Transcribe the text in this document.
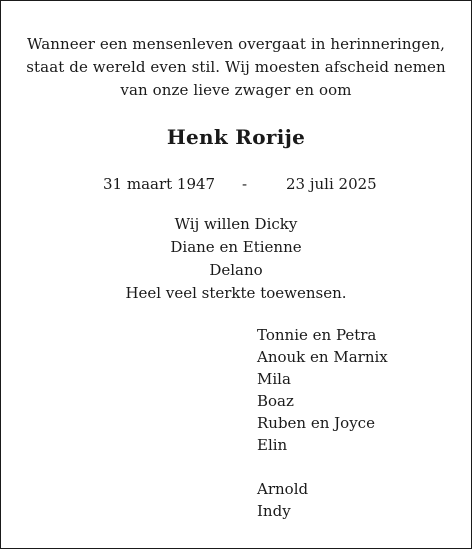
Wanneer een mensenleven overgaat in herinneringen,
staat de wereld even stil. Wij moesten afscheid nemen
van onze lieve zwager en oom
Henk Rorije
31 maart 1947 -	23 juli 2025
Wij willen Dicky
Diane en Etienne
Delano
Heel veel sterkte toewensen.
Tonnie en Petra
Anouk en Marnix
Mila
Boaz
Ruben en Joyce
Elin
Arnold
Indy
